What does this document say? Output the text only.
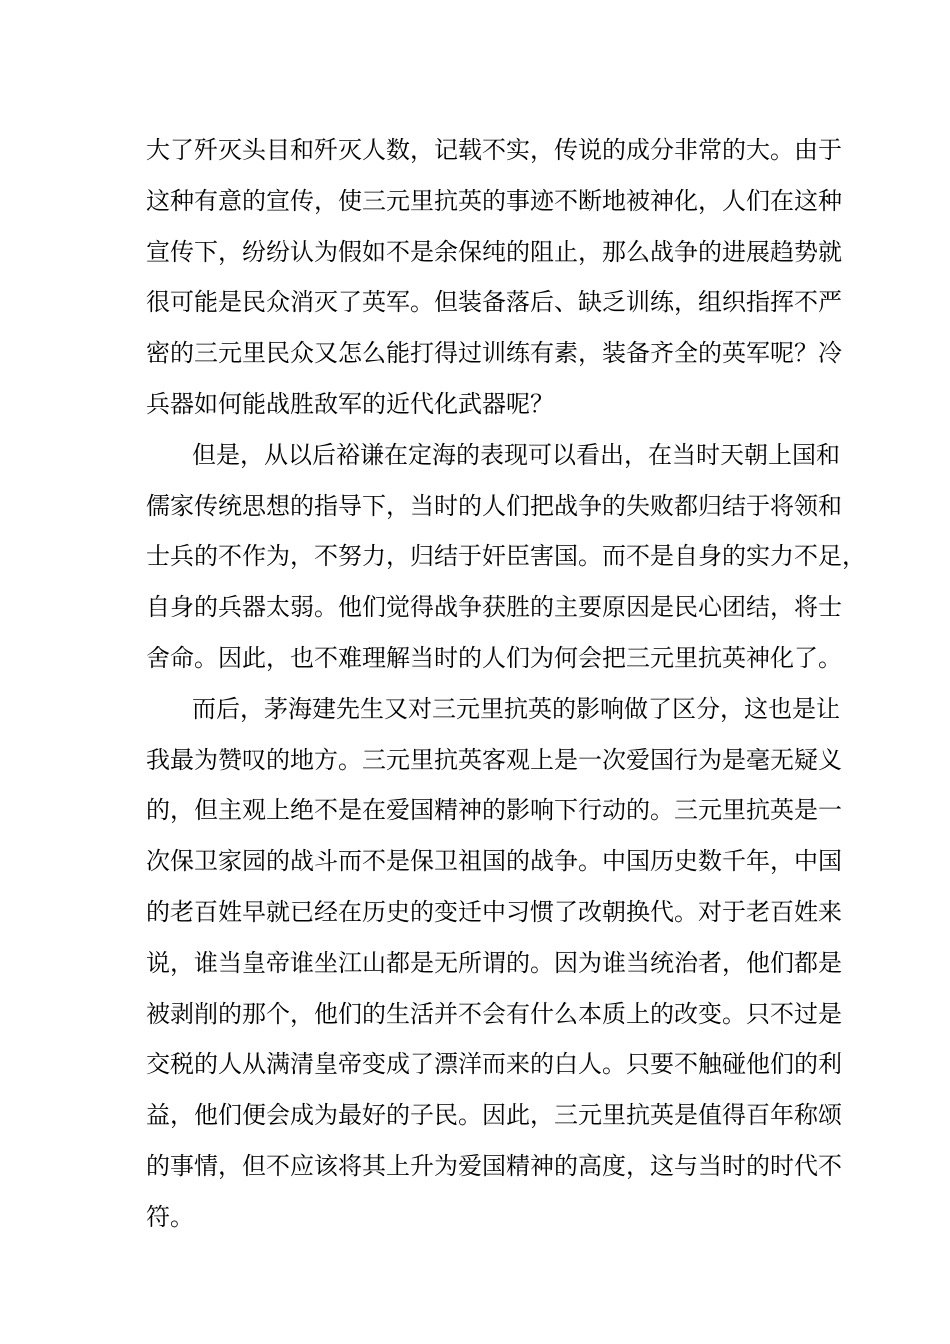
大了歼灭头目和歼灭人数，记载不实，传说的成分非常的大。由于
这种有意的宣传，使三元里抗英的事迹不断地被神化，人们在这种
宣传下，纷纷认为假如不是余保纯的阻止，那么战争的进展趋势就
很可能是民众消灭了英军。但装备落后、缺乏训练，组织指挥不严
密的三元里民众又怎么能打得过训练有素，装备齐全的英军呢？冷
兵器如何能战胜敌军的近代化武器呢？
但是，从以后裕谦在定海的表现可以看出，在当时天朝上国和
儒家传统思想的指导下，当时的人们把战争的失败都归结于将领和
士兵的不作为，不努力，归结于奸臣害国。而不是自身的实力不足，
自身的兵器太弱。他们觉得战争获胜的主要原因是民心团结，将士
舍命。因此，也不难理解当时的人们为何会把三元里抗英神化了。
而后，茅海建先生又对三元里抗英的影响做了区分，这也是让
我最为赞叹的地方。三元里抗英客观上是一次爱国行为是毫无疑义
的，但主观上绝不是在爱国精神的影响下行动的。三元里抗英是一
次保卫家园的战斗而不是保卫祖国的战争。中国历史数千年，中国
的老百姓早就已经在历史的变迁中习惯了改朝换代。对于老百姓来
说，谁当皇帝谁坐江山都是无所谓的。因为谁当统治者，他们都是
被剥削的那个，他们的生活并不会有什么本质上的改变。只不过是
交税的人从满清皇帝变成了漂洋而来的白人。只要不触碰他们的利
益，他们便会成为最好的子民。因此，三元里抗英是值得百年称颂
的事情，但不应该将其上升为爱国精神的高度，这与当时的时代不
符。
